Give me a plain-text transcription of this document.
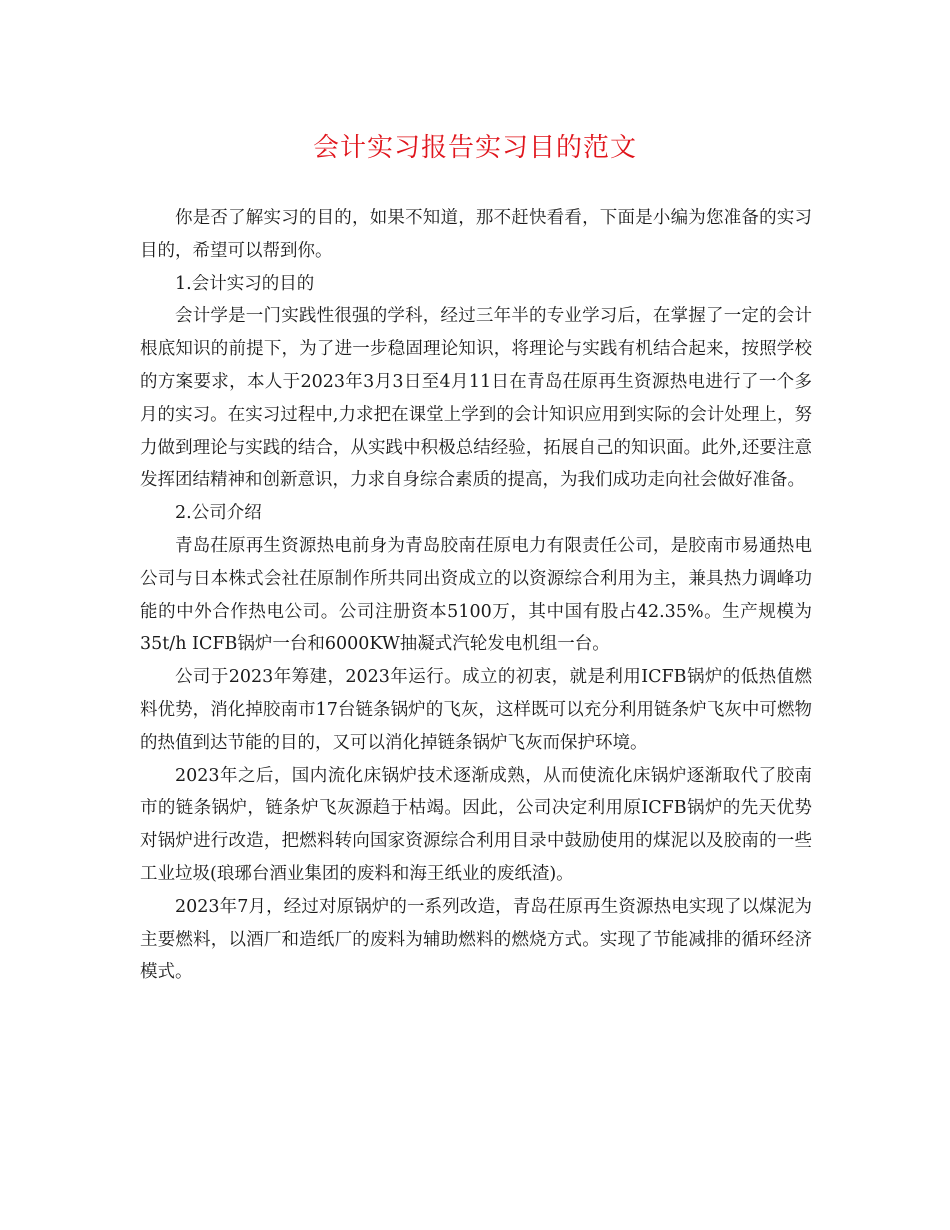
会计实习报告实习目的范文

你是否了解实习的目的，如果不知道，那不赶快看看，下面是小编为您准备的实习目的，希望可以帮到你。

1.会计实习的目的

会计学是一门实践性很强的学科，经过三年半的专业学习后，在掌握了一定的会计根底知识的前提下，为了进一步稳固理论知识，将理论与实践有机结合起来，按照学校的方案要求，本人于2023年3月3日至4月11日在青岛茌原再生资源热电进行了一个多月的实习。在实习过程中,力求把在课堂上学到的会计知识应用到实际的会计处理上，努力做到理论与实践的结合，从实践中积极总结经验，拓展自己的知识面。此外,还要注意发挥团结精神和创新意识，力求自身综合素质的提高，为我们成功走向社会做好准备。

2.公司介绍

青岛茌原再生资源热电前身为青岛胶南茌原电力有限责任公司，是胶南市易通热电公司与日本株式会社茌原制作所共同出资成立的以资源综合利用为主，兼具热力调峰功能的中外合作热电公司。公司注册资本5100万，其中国有股占42.35%。生产规模为35t/h ICFB锅炉一台和6000KW抽凝式汽轮发电机组一台。

公司于2023年筹建，2023年运行。成立的初衷，就是利用ICFB锅炉的低热值燃料优势，消化掉胶南市17台链条锅炉的飞灰，这样既可以充分利用链条炉飞灰中可燃物的热值到达节能的目的，又可以消化掉链条锅炉飞灰而保护环境。

2023年之后，国内流化床锅炉技术逐渐成熟，从而使流化床锅炉逐渐取代了胶南市的链条锅炉，链条炉飞灰源趋于枯竭。因此，公司决定利用原ICFB锅炉的先天优势对锅炉进行改造，把燃料转向国家资源综合利用目录中鼓励使用的煤泥以及胶南的一些工业垃圾(琅琊台酒业集团的废料和海王纸业的废纸渣)。

2023年7月，经过对原锅炉的一系列改造，青岛茌原再生资源热电实现了以煤泥为主要燃料，以酒厂和造纸厂的废料为辅助燃料的燃烧方式。实现了节能减排的循环经济模式。
